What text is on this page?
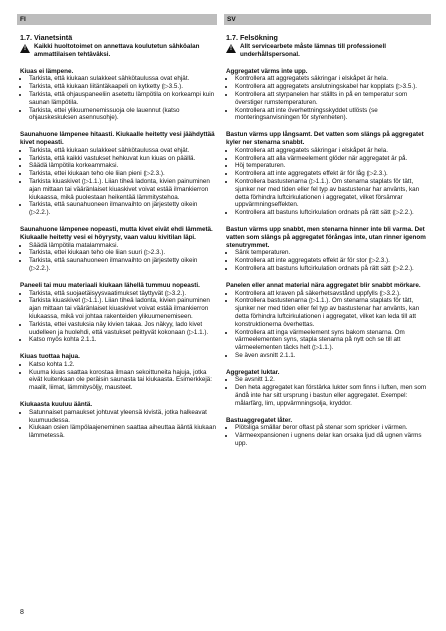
FI	SV
1.7. Vianetsintä
! Kaikki huoltotoimet on annettava koulutetun sähköalan ammattilaisen tehtäväksi.
Kiuas ei lämpene.
• Tarkista, että kiukaan sulakkeet sähkötaulussa ovat ehjät.
• Tarkista, että kiukaan liitäntäkaapeli on kytketty (▷3.5.).
• Tarkista, että ohjauspaneeliin asetettu lämpötila on korkeampi kuin saunan lämpötila.
• Tarkista, ettei ylikuumenemissuoja ole lauennut (katso ohjauskeskuksen asennusohje).
Saunahuone lämpenee hitaasti. Kiukaalle heitetty vesi jäähdyttää kivet nopeasti.
• Tarkista, että kiukaan sulakkeet sähkötaulussa ovat ehjät.
• Tarkista, että kaikki vastukset hehkuvat kun kiuas on päällä.
• Säädä lämpötila korkeammaksi.
• Tarkista, ettei kiukaan teho ole liian pieni (▷2.3.).
• Tarkista kiuaskivet (▷1.1.). Liian tiheä ladonta, kivien painuminen ajan mittaan tai vääränlaiset kiuaskivet voivat estää ilmankierron kiukaassa, mikä puolestaan heikentää lämmitystehoa.
• Tarkista, että saunahuoneen ilmanvaihto on järjestetty oikein (▷2.2.).
Saunahuone lämpenee nopeasti, mutta kivet eivät ehdi lämmetä. Kiukaalle heitetty vesi ei höyrysty, vaan valuu kivitilan läpi.
• Säädä lämpötila matalammaksi.
• Tarkista, ettei kiukaan teho ole liian suuri (▷2.3.).
• Tarkista, että saunahuoneen ilmanvaihto on järjestetty oikein (▷2.2.).
Paneeli tai muu materiaali kiukaan lähellä tummuu nopeasti.
• Tarkista, että suojaetäisyysvaatimukset täyttyvät (▷3.2.).
• Tarkista kiuaskivet (▷1.1.). Liian tiheä ladonta, kivien painuminen ajan mittaan tai vääränlaiset kiuaskivet voivat estää ilmankierron kiukaassa, mikä voi johtaa rakenteiden ylikuumenemiseen.
• Tarkista, ettei vastuksia näy kivien takaa. Jos näkyy, lado kivet uudelleen ja huolehdi, että vastukset peittyvät kokonaan (▷1.1.).
• Katso myös kohta 2.1.1.
Kiuas tuottaa hajua.
• Katso kohta 1.2.
• Kuuma kiuas saattaa korostaa ilmaan sekoittuneita hajuja, jotka eivät kuitenkaan ole peräisin saunasta tai kiukaasta. Esimerkkejä: maalit, liimat, lämmitysöljy, mausteet.
Kiukaasta kuuluu ääntä.
• Satunnaiset pamaukset johtuvat yleensä kivistä, jotka halkeavat kuumuudessa.
• Kiukaan osien lämpölaajeneminen saattaa aiheuttaa ääntä kiukaan lämmetessä.
1.7. Felsökning
! Allt servicearbete måste lämnas till professionell underhållspersonal.
Aggregatet värms inte upp.
• Kontrollera att aggregatets säkringar i elskåpet är hela.
• Kontrollera att aggregatets anslutningskabel har kopplats (▷3.5.).
• Kontrollera att styrpanelen har ställts in på en temperatur som överstiger rumstemperaturen.
• Kontrollera att inte överhettningsskyddet utlösts (se monteringsanvisningen för styrenheten).
Bastun värms upp långsamt. Det vatten som slängs på aggregatet kyler ner stenarna snabbt.
• Kontrollera att aggregatets säkringar i elskåpet är hela.
• Kontrollera att alla värmeelement glöder när aggregatet är på.
• Höj temperaturen.
• Kontrollera att inte aggregatets effekt är för låg (▷2.3.).
• Kontrollera bastustenarna (▷1.1.). Om stenarna staplats för tätt, sjunker ner med tiden eller fel typ av bastustenar har använts, kan detta förhindra luftcirkulationen i aggregatet, vilket försämrar uppvärmningseffekten.
• Kontrollera att bastuns luftcirkulation ordnats på rätt sätt (▷2.2.).
Bastun värms upp snabbt, men stenarna hinner inte bli varma. Det vatten som slängs på aggregatet förångas inte, utan rinner igenom stenutrymmet.
• Sänk temperaturen.
• Kontrollera att inte aggregatets effekt är för stor (▷2.3.).
• Kontrollera att bastuns luftcirkulation ordnats på rätt sätt (▷2.2.).
Panelen eller annat material nära aggregatet blir snabbt mörkare.
• Kontrollera att kraven på säkerhetsavstånd uppfylls (▷3.2.).
• Kontrollera bastustenarna (▷1.1.). Om stenarna staplats för tätt, sjunker ner med tiden eller fel typ av bastustenar har använts, kan detta förhindra luftcirkulationen i aggregatet, vilket kan leda till att konstruktionerna överhettas.
• Kontrollera att inga värmeelement syns bakom stenarna. Om värmeelementen syns, stapla stenarna på nytt och se till att värmeelementen täcks helt (▷1.1.).
• Se även avsnitt 2.1.1.
Aggregatet luktar.
• Se avsnitt 1.2.
• Den heta aggregatet kan förstärka lukter som finns i luften, men som ändå inte har sitt ursprung i bastun eller aggregatet. Exempel: målarfärg, lim, uppvärmningsolja, kryddor.
Bastuaggregatet låter.
• Plötsliga smällar beror oftast på stenar som spricker i värmen.
• Värmeexpansionen i ugnens delar kan orsaka ljud då ugnen värms upp.
8
